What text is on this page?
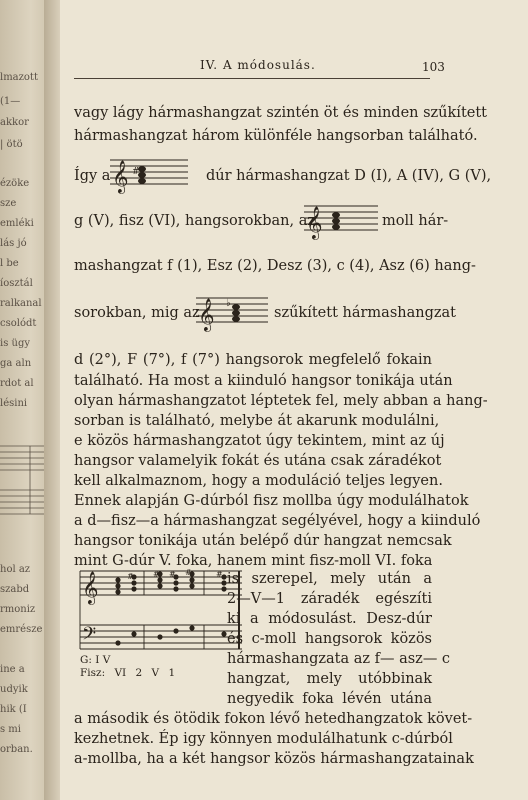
lmazott
(1—
akkor
| ötö
ézöke
sze
emléki
lás jó
l be
íosztál
ralkanal
csolódt
is ügy
ga aln
rdot al
lésini
hol az
szabd
rmoniz
emrésze
ine a
udyik
hik (I
s mi
orban.
IV. A módosulás.	103
vagy lágy hármashangzat szintén öt és minden szűkített
hármashangzat három különféle hangsorban található.
Így a 𝄞 #	dúr hármashangzat D (I), A (IV), G (V),
g (V), fisz (VI), hangsorokban, az
𝄞	moll hár-
mashangzat f (1), Esz (2), Desz (3), c (4), Asz (6) hang-
sorokban, mig az
𝄞 ♭
szűkített hármashangzat
d (2°), F (7°), f (7°) hangsorok megfelelő fokain
található. Ha most a kiinduló hangsor tonikája után
olyan hármashangzatot léptetek fel, mely abban a hang-
sorban is található, melybe át akarunk modulálni,
e közös hármashangzatot úgy tekintem, mint az új
hangsor valamelyik fokát és utána csak záradékot
kell alkalmaznom, hogy a moduláció teljes legyen.
Ennek alapján G-dúrból fisz mollba úgy modulálhatok
a d—fisz—a hármashangzat segélyével, hogy a kiinduló
hangsor tonikája után belépő dúr hangzat nemcsak
mint G-dúr V. foka, hanem mint fisz-moll VI. foka
𝄞
𝄢
# # # #	#
G: I V
Fisz: VI 2 V 1
is szerepel, mely után a
2—V—1 záradék egészíti
ki a módosulást. Desz-dúr
és c-moll hangsorok közös
hármashangzata az f— asz— c
hangzat, mely utóbbinak
negyedik foka lévén utána
a második és ötödik fokon lévő hetedhangzatok követ-
kezhetnek. Ép igy könnyen modulálhatunk c-dúrból
a-mollba, ha a két hangsor közös hármashangzatainak
